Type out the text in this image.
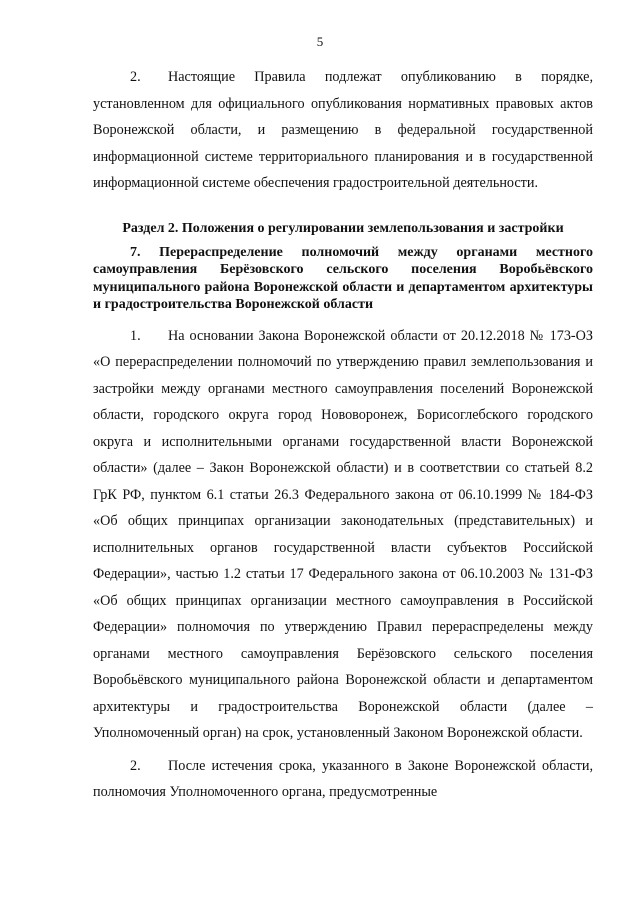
5

2. Настоящие Правила подлежат опубликованию в порядке, установленном для официального опубликования нормативных правовых актов Воронежской области, и размещению в федеральной государственной информационной системе территориального планирования и в государственной информационной системе обеспечения градостроительной деятельности.

Раздел 2. Положения о регулировании землепользования и застройки
7. Перераспределение полномочий между органами местного самоуправления Берёзовского сельского поселения Воробьёвского муниципального района Воронежской области и департаментом архитектуры и градостроительства Воронежской области

1. На основании Закона Воронежской области от 20.12.2018 № 173-ОЗ «О перераспределении полномочий по утверждению правил землепользования и застройки между органами местного самоуправления поселений Воронежской области, городского округа город Нововоронеж, Борисоглебского городского округа и исполнительными органами государственной власти Воронежской области» (далее – Закон Воронежской области) и в соответствии со статьей 8.2 ГрК РФ, пунктом 6.1 статьи 26.3 Федерального закона от 06.10.1999 № 184-ФЗ «Об общих принципах организации законодательных (представительных) и исполнительных органов государственной власти субъектов Российской Федерации», частью 1.2 статьи 17 Федерального закона от 06.10.2003 № 131-ФЗ «Об общих принципах организации местного самоуправления в Российской Федерации» полномочия по утверждению Правил перераспределены между органами местного самоуправления Берёзовского сельского поселения Воробьёвского муниципального района Воронежской области и департаментом архитектуры и градостроительства Воронежской области (далее – Уполномоченный орган) на срок, установленный Законом Воронежской области.

2. После истечения срока, указанного в Законе Воронежской области, полномочия Уполномоченного органа, предусмотренные
